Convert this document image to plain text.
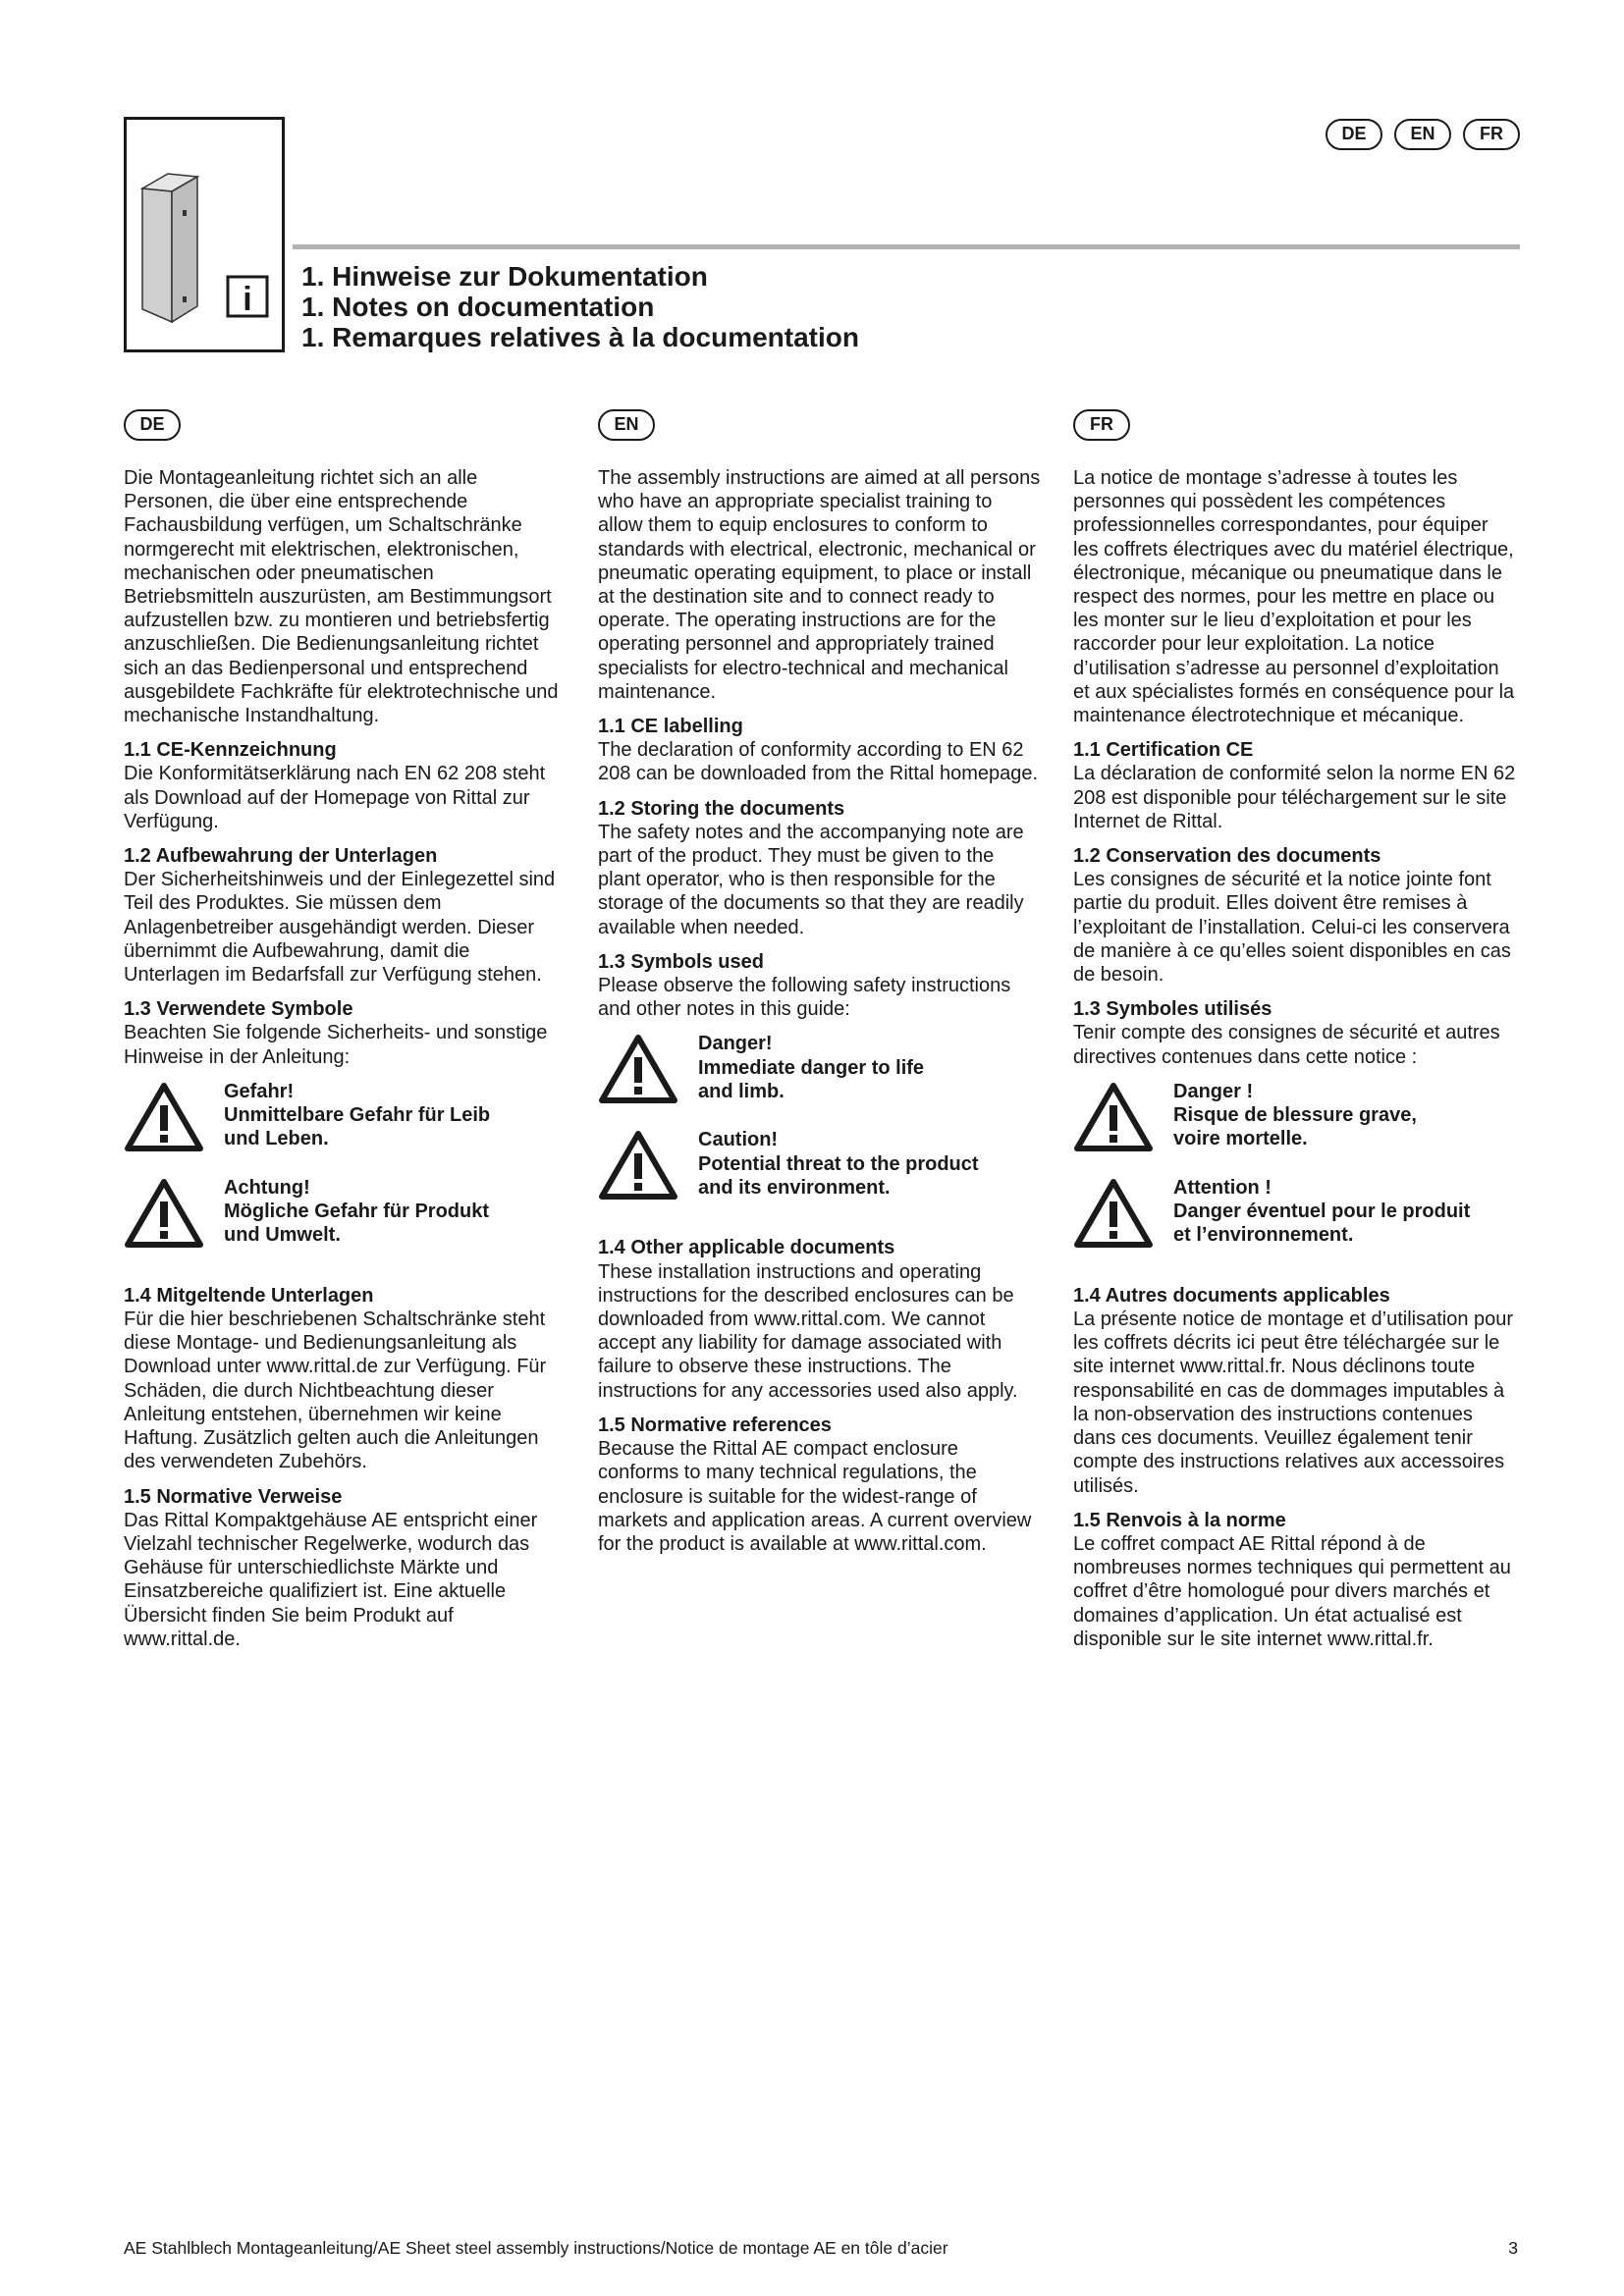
DE	EN	FR
i
1. Hinweise zur Dokumentation
1. Notes on documentation
1. Remarques relatives à la documentation
DE

Die Montageanleitung richtet sich an alle Personen, die über eine entsprechende Fachausbildung verfügen, um Schaltschränke normgerecht mit elektrischen, elektronischen, mechanischen oder pneumatischen Betriebsmitteln auszurüsten, am Bestimmungsort aufzustellen bzw. zu montieren und betriebsfertig anzuschließen. Die Bedienungsanleitung richtet sich an das Bedienpersonal und entsprechend ausgebildete Fachkräfte für elektrotechnische und mechanische Instandhaltung.

1.1 CE-Kennzeichnung

Die Konformitätserklärung nach EN 62 208 steht als Download auf der Homepage von Rittal zur Verfügung.

1.2 Aufbewahrung der Unterlagen

Der Sicherheitshinweis und der Einlegezettel sind Teil des Produktes. Sie müssen dem Anlagenbetreiber ausgehändigt werden. Dieser übernimmt die Aufbewahrung, damit die Unterlagen im Bedarfsfall zur Verfügung stehen.

1.3 Verwendete Symbole

Beachten Sie folgende Sicherheits- und sonstige Hinweise in der Anleitung:

Gefahr!
Unmittelbare Gefahr für Leib
und Leben.
Achtung!
Mögliche Gefahr für Produkt
und Umwelt.
1.4 Mitgeltende Unterlagen

Für die hier beschriebenen Schaltschränke steht diese Montage- und Bedienungsanleitung als Download unter www.rittal.de zur Verfügung. Für Schäden, die durch Nichtbeachtung dieser Anleitung entstehen, übernehmen wir keine Haftung. Zusätzlich gelten auch die Anleitungen des verwendeten Zubehörs.

1.5 Normative Verweise

Das Rittal Kompaktgehäuse AE entspricht einer Vielzahl technischer Regelwerke, wodurch das Gehäuse für unterschiedlichste Märkte und Einsatzbereiche qualifiziert ist. Eine aktuelle Übersicht finden Sie beim Produkt auf www.rittal.de.

EN

The assembly instructions are aimed at all persons who have an appropriate specialist training to allow them to equip enclosures to conform to standards with electrical, electronic, mechanical or pneumatic operating equipment, to place or install at the destination site and to connect ready to operate. The operating instructions are for the operating personnel and appropriately trained specialists for electro-technical and mechanical maintenance.

1.1 CE labelling

The declaration of conformity according to EN 62 208 can be downloaded from the Rittal homepage.

1.2 Storing the documents

The safety notes and the accompanying note are part of the product. They must be given to the plant operator, who is then responsible for the storage of the documents so that they are readily available when needed.

1.3 Symbols used

Please observe the following safety instructions and other notes in this guide:

Danger!
Immediate danger to life
and limb.
Caution!
Potential threat to the product
and its environment.
1.4 Other applicable documents

These installation instructions and operating instructions for the described enclosures can be downloaded from www.rittal.com. We cannot accept any liability for damage associated with failure to observe these instructions. The instructions for any accessories used also apply.

1.5 Normative references

Because the Rittal AE compact enclosure conforms to many technical regulations, the enclosure is suitable for the widest-range of markets and application areas. A current overview for the product is available at www.rittal.com.

FR

La notice de montage s’adresse à toutes les personnes qui possèdent les compétences professionnelles correspondantes, pour équiper les coffrets électriques avec du matériel électrique, électronique, mécanique ou pneumatique dans le respect des normes, pour les mettre en place ou les monter sur le lieu d’exploitation et pour les raccorder pour leur exploitation. La notice d’utilisation s’adresse au personnel d’exploitation et aux spécialistes formés en conséquence pour la maintenance électrotechnique et mécanique.

1.1 Certification CE

La déclaration de conformité selon la norme EN 62 208 est disponible pour téléchargement sur le site Internet de Rittal.

1.2 Conservation des documents

Les consignes de sécurité et la notice jointe font partie du produit. Elles doivent être remises à l’exploitant de l’installation. Celui-ci les conservera de manière à ce qu’elles soient disponibles en cas de besoin.

1.3 Symboles utilisés

Tenir compte des consignes de sécurité et autres directives contenues dans cette notice :

Danger !
Risque de blessure grave,
voire mortelle.
Attention !
Danger éventuel pour le produit
et l’environnement.
1.4 Autres documents applicables

La présente notice de montage et d’utilisation pour les coffrets décrits ici peut être téléchargée sur le site internet www.rittal.fr. Nous déclinons toute responsabilité en cas de dommages imputables à la non-observation des instructions contenues dans ces documents. Veuillez également tenir compte des instructions relatives aux accessoires utilisés.

1.5 Renvois à la norme

Le coffret compact AE Rittal répond à de nombreuses normes techniques qui permettent au coffret d’être homologué pour divers marchés et domaines d’application. Un état actualisé est disponible sur le site internet www.rittal.fr.

AE Stahlblech Montageanleitung/AE Sheet steel assembly instructions/Notice de montage AE en tôle d’acier	3
